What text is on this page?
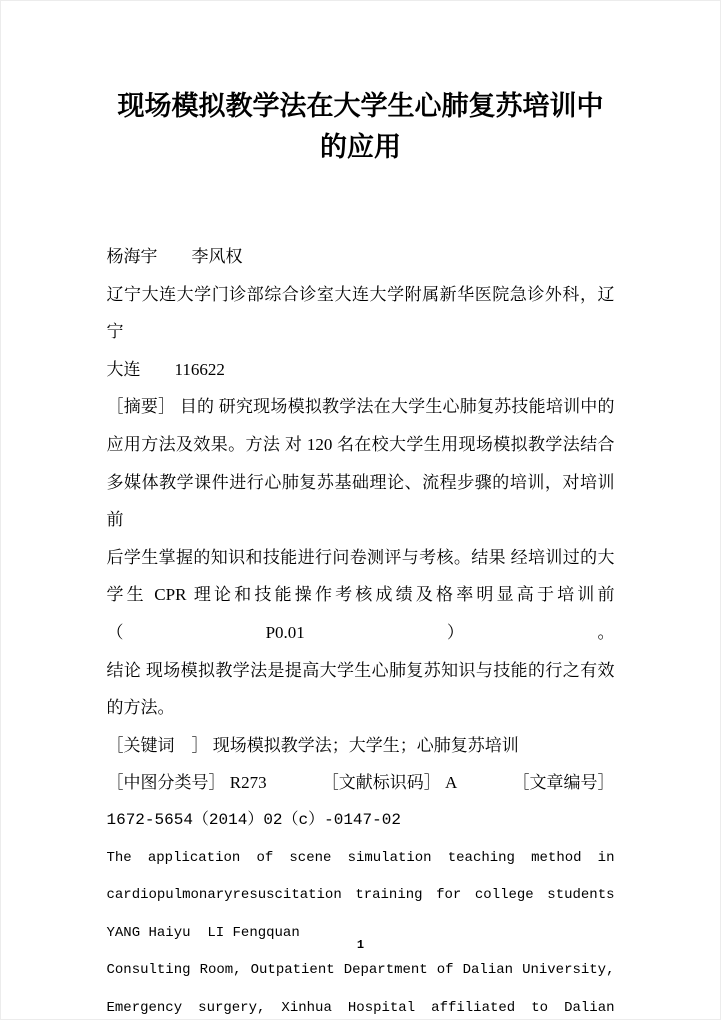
现场模拟教学法在大学生心肺复苏培训中
的应用
杨海宇　　李风权
辽宁大连大学门诊部综合诊室大连大学附属新华医院急诊外科，辽宁
大连　　116622
［摘要］ 目的 研究现场模拟教学法在大学生心肺复苏技能培训中的
应用方法及效果。方法 对 120 名在校大学生用现场模拟教学法结合
多媒体教学课件进行心肺复苏基础理论、流程步骤的培训，对培训前
后学生掌握的知识和技能进行问卷测评与考核。结果 经培训过的大
学生 CPR 理论和技能操作考核成绩及格率明显高于培训前（P0.01）。
结论 现场模拟教学法是提高大学生心肺复苏知识与技能的行之有效
的方法。
［关键词　］ 现场模拟教学法；大学生；心肺复苏培训
［中图分类号］ R273	［文献标识码］ A	［文章编号］
1672-5654（2014）02（c）-0147-02
The application of scene simulation teaching method in
cardiopulmonaryresuscitation training for college students
YANG Haiyu  LI Fengquan
Consulting Room, Outpatient Department of Dalian University,
Emergency surgery, Xinhua Hospital affiliated to Dalian
1
